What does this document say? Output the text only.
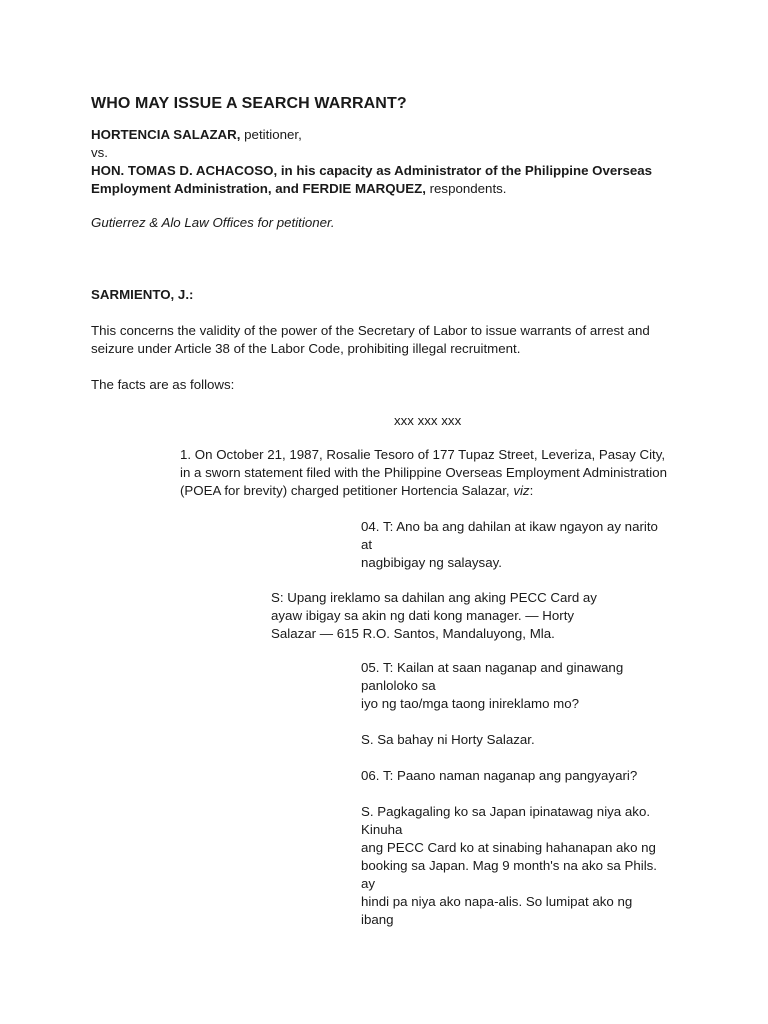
WHO MAY ISSUE A SEARCH WARRANT?
HORTENCIA SALAZAR, petitioner,
vs.
HON. TOMAS D. ACHACOSO, in his capacity as Administrator of the Philippine Overseas Employment Administration, and FERDIE MARQUEZ, respondents.
Gutierrez & Alo Law Offices for petitioner.
SARMIENTO, J.:
This concerns the validity of the power of the Secretary of Labor to issue warrants of arrest and seizure under Article 38 of the Labor Code, prohibiting illegal recruitment.
The facts are as follows:
xxx xxx xxx
1. On October 21, 1987, Rosalie Tesoro of 177 Tupaz Street, Leveriza, Pasay City, in a sworn statement filed with the Philippine Overseas Employment Administration (POEA for brevity) charged petitioner Hortencia Salazar, viz:
04. T: Ano ba ang dahilan at ikaw ngayon ay narito
at
nagbibigay ng salaysay.
S: Upang ireklamo sa dahilan ang aking PECC Card ay
ayaw ibigay sa akin ng dati kong manager. — Horty
Salazar — 615 R.O. Santos, Mandaluyong, Mla.
05. T: Kailan at saan naganap and ginawang
panloloko sa
iyo ng tao/mga taong inireklamo mo?
S. Sa bahay ni Horty Salazar.
06. T: Paano naman naganap ang pangyayari?
S. Pagkagaling ko sa Japan ipinatawag niya ako.
Kinuha
ang PECC Card ko at sinabing hahanapan ako ng
booking sa Japan. Mag 9 month's na ako sa Phils.
ay
hindi pa niya ako napa-alis. So lumipat ako ng
ibang
